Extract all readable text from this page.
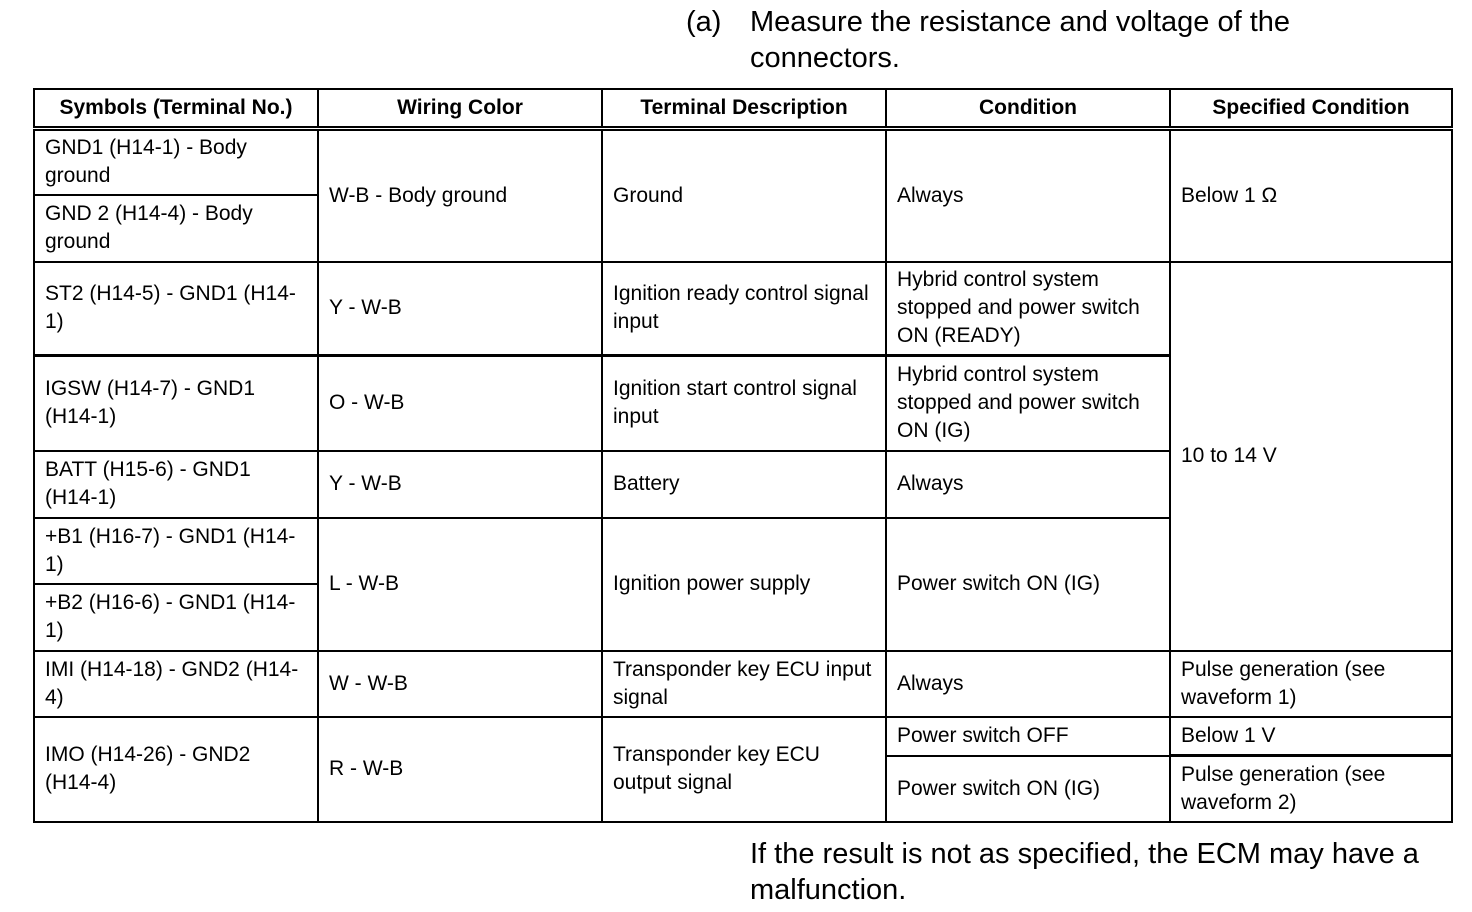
(a) Measure the resistance and voltage of the connectors.
Symbols (Terminal No.)	Wiring Color	Terminal Description	Condition	Specified Condition
GND1 (H14-1) - Body ground	W-B - Body ground	Ground	Always	Below 1 Ω
GND 2 (H14-4) - Body ground				
ST2 (H14-5) - GND1 (H14-1)	Y - W-B	Ignition ready control signal input	Hybrid control system stopped and power switch ON (READY)	10 to 14 V
IGSW (H14-7) - GND1 (H14-1)	O - W-B	Ignition start control signal input	Hybrid control system stopped and power switch ON (IG)	
BATT (H15-6) - GND1 (H14-1)	Y - W-B	Battery	Always	
+B1 (H16-7) - GND1 (H14-1)	L - W-B	Ignition power supply	Power switch ON (IG)	
+B2 (H16-6) - GND1 (H14-1)				
IMI (H14-18) - GND2 (H14-4)	W - W-B	Transponder key ECU input signal	Always	Pulse generation (see waveform 1)
IMO (H14-26) - GND2 (H14-4)	R - W-B	Transponder key ECU output signal	Power switch OFF	Below 1 V
			Power switch ON (IG)	Pulse generation (see waveform 2)
If the result is not as specified, the ECM may have a malfunction.
